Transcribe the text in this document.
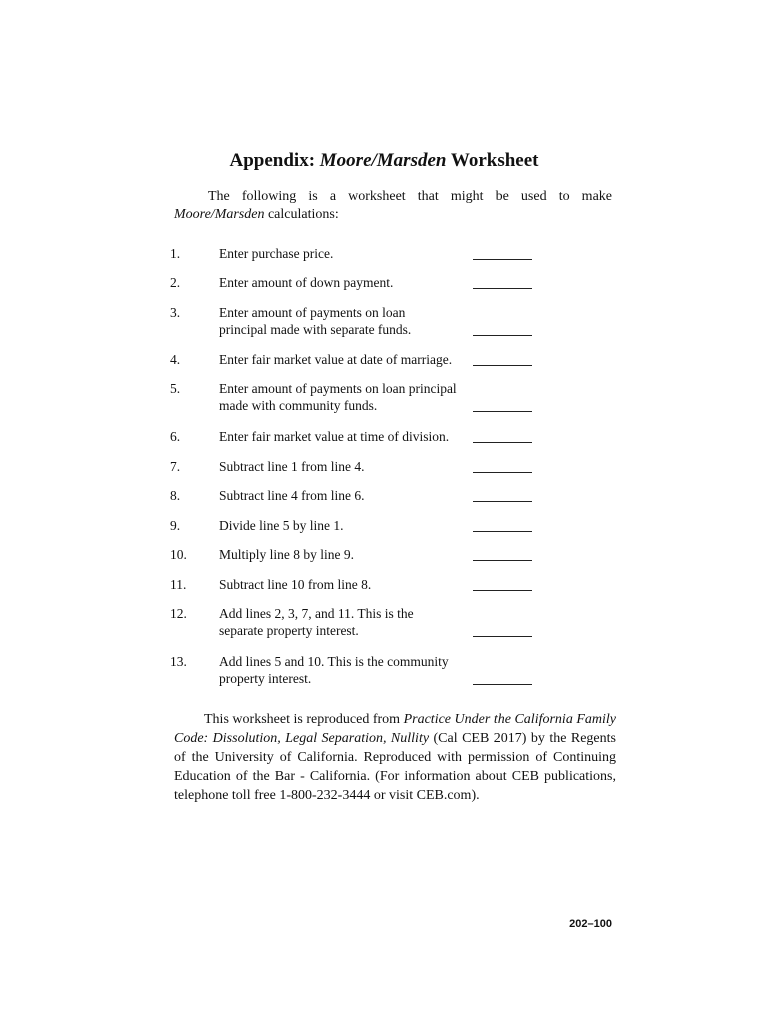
Appendix: Moore/Marsden Worksheet
The following is a worksheet that might be used to make Moore/Marsden calculations:
1.	Enter purchase price.
2.	Enter amount of down payment.
3.	Enter amount of payments on loan principal made with separate funds.
4.	Enter fair market value at date of marriage.
5.	Enter amount of payments on loan principal made with community funds.
6.	Enter fair market value at time of division.
7.	Subtract line 1 from line 4.
8.	Subtract line 4 from line 6.
9.	Divide line 5 by line 1.
10. Multiply line 8 by line 9.
11. Subtract line 10 from line 8.
12. Add lines 2, 3, 7, and 11. This is the separate property interest.
13. Add lines 5 and 10. This is the community property interest.
This worksheet is reproduced from Practice Under the California Family Code: Dissolution, Legal Separation, Nullity (Cal CEB 2017) by the Regents of the University of California. Reproduced with permission of Continuing Education of the Bar - California. (For information about CEB publications, telephone toll free 1-800-232-3444 or visit CEB.com).
202–100
